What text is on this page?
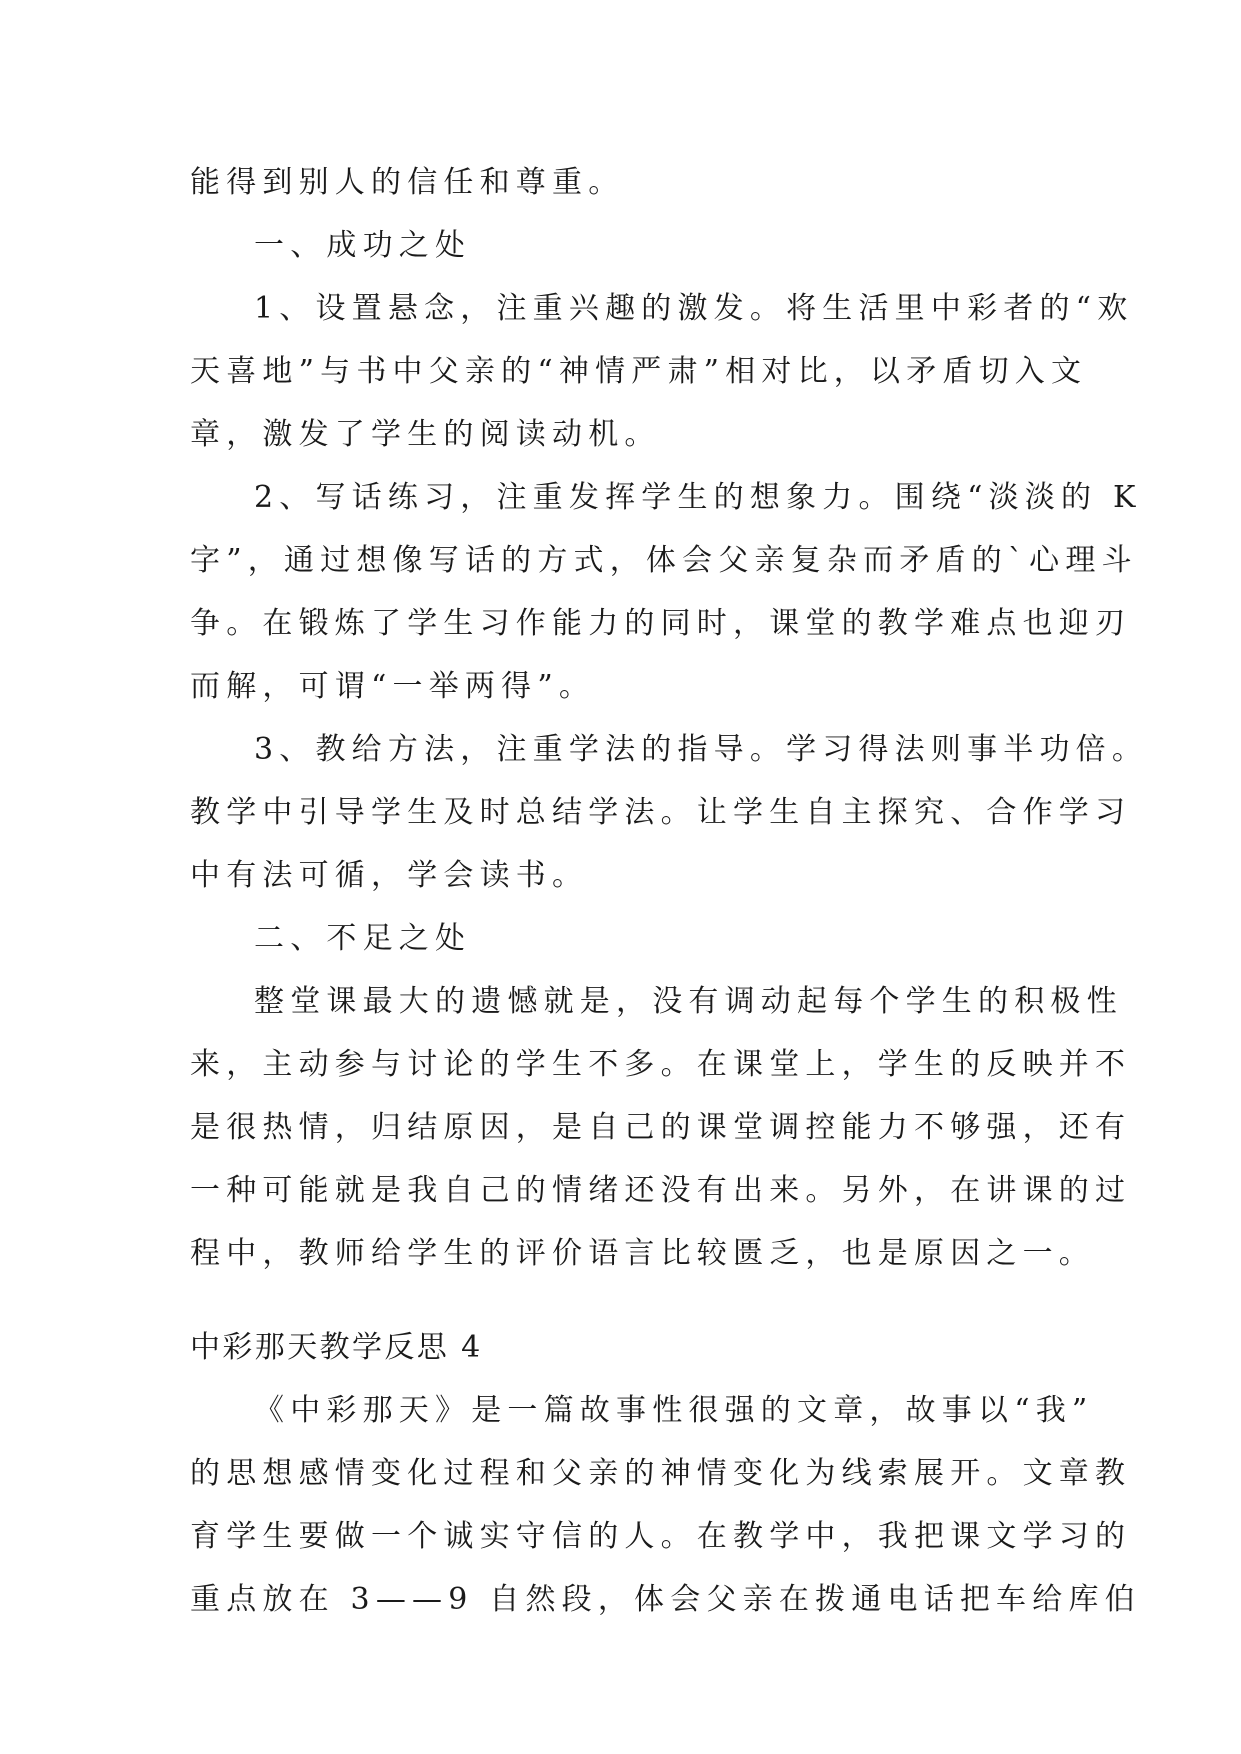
能得到别人的信任和尊重。
一、成功之处
1、设置悬念，注重兴趣的激发。将生活里中彩者的“欢
天喜地”与书中父亲的“神情严肃”相对比，以矛盾切入文
章，激发了学生的阅读动机。
2、写话练习，注重发挥学生的想象力。围绕“淡淡的 K
字”，通过想像写话的方式，体会父亲复杂而矛盾的`心理斗
争。在锻炼了学生习作能力的同时，课堂的教学难点也迎刃
而解，可谓“一举两得”。
3、教给方法，注重学法的指导。学习得法则事半功倍。
教学中引导学生及时总结学法。让学生自主探究、合作学习
中有法可循，学会读书。
二、不足之处
整堂课最大的遗憾就是，没有调动起每个学生的积极性
来，主动参与讨论的学生不多。在课堂上，学生的反映并不
是很热情，归结原因，是自己的课堂调控能力不够强，还有
一种可能就是我自己的情绪还没有出来。另外，在讲课的过
程中，教师给学生的评价语言比较匮乏，也是原因之一。
中彩那天教学反思 4
《中彩那天》是一篇故事性很强的文章，故事以“我”
的思想感情变化过程和父亲的神情变化为线索展开。文章教
育学生要做一个诚实守信的人。在教学中，我把课文学习的
重点放在 3——9 自然段，体会父亲在拨通电话把车给库伯
